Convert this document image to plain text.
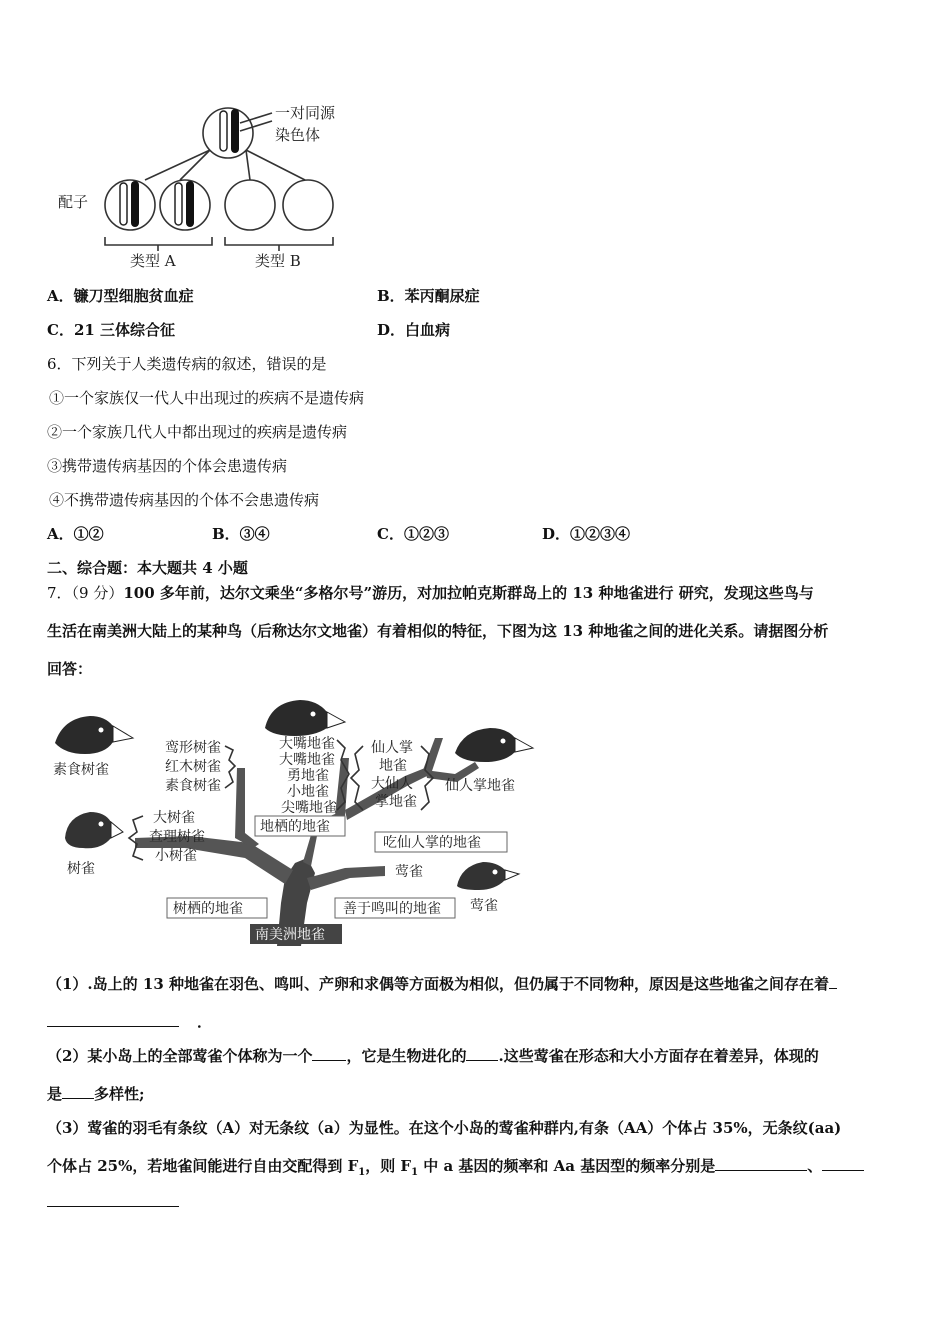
一对同源
染色体
配子
类型 A	类型 B
A．镰刀型细胞贫血症	B．苯丙酮尿症
C．21 三体综合征	D．白血病
6．下列关于人类遗传病的叙述，错误的是
①一个家族仅一代人中出现过的疾病不是遗传病
②一个家族几代人中都出现过的疾病是遗传病
③携带遗传病基因的个体会患遗传病
④不携带遗传病基因的个体不会患遗传病
A．①②	B．③④	C．①②③	D．①②③④
二、综合题：本大题共 4 小题
7．（9 分）100 多年前，达尔文乘坐“多格尔号”游历，对加拉帕克斯群岛上的 13 种地雀进行 研究，发现这些鸟与
生活在南美洲大陆上的某种鸟（后称达尔文地雀）有着相似的特征，下图为这 13 种地雀之间的进化关系。请据图分析
回答：
素食树雀
树雀
仙人掌地雀
莺雀
鸾形树雀
红木树雀
素食树雀
大树雀
查理树雀
小树雀
大嘴地雀
大嘴地雀
勇地雀
小地雀
尖嘴地雀
仙人掌
地雀
大仙人
掌地雀
地栖的地雀
吃仙人掌的地雀
莺雀
树栖的地雀	善于鸣叫的地雀
南美洲地雀
（1）.岛上的 13 种地雀在羽色、鸣叫、产卵和求偶等方面极为相似，但仍属于不同物种，原因是这些地雀之间存在着
．
（2）某小岛上的全部莺雀个体称为一个 ，它是生物进化的 .这些莺雀在形态和大小方面存在着差异，体现的
是 多样性;
（3）莺雀的羽毛有条纹（A）对无条纹（a）为显性。在这个小岛的莺雀种群内,有条（AA）个体占 35%，无条纹(aa)
个体占 25%，若地雀间能进行自由交配得到 $F_1$，则 $F_1$ 中 a 基因的频率和 Aa 基因型的频率分别是	、
